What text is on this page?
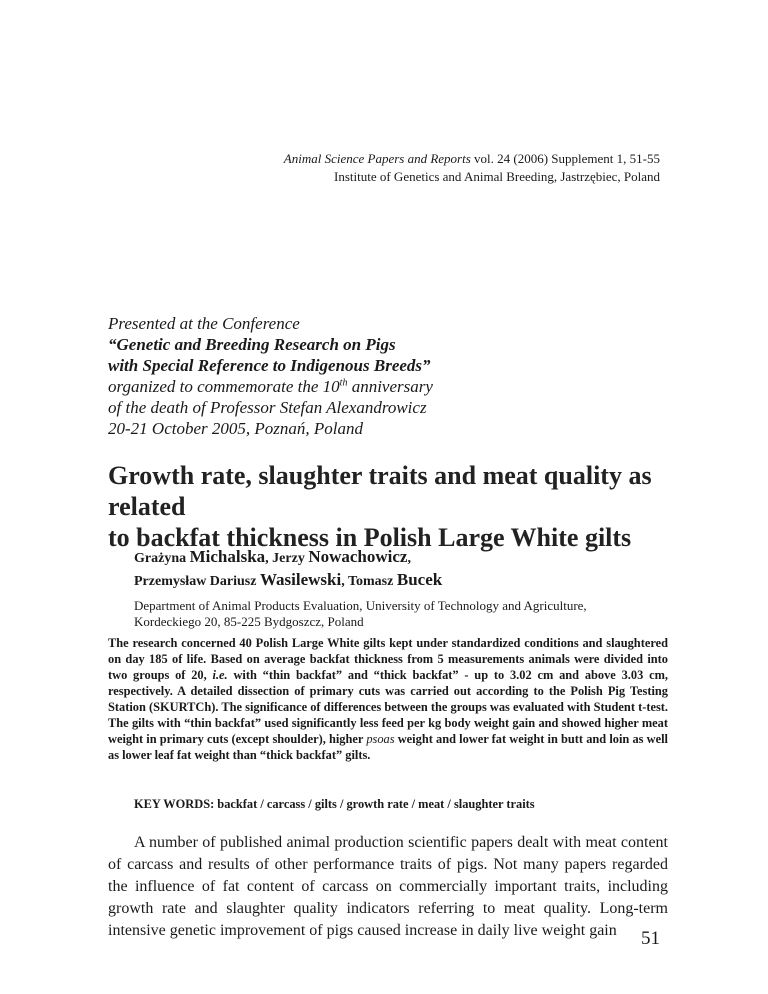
Animal Science Papers and Reports vol. 24 (2006) Supplement 1, 51-55
Institute of Genetics and Animal Breeding, Jastrzębiec, Poland
Presented at the Conference
“Genetic and Breeding Research on Pigs
with Special Reference to Indigenous Breeds”
organized to commemorate the 10th anniversary
of the death of Professor Stefan Alexandrowicz
20-21 October 2005, Poznań, Poland
Growth rate, slaughter traits and meat quality as related
to backfat thickness in Polish Large White gilts
Grażyna Michalska, Jerzy Nowachowicz,
Przemysław Dariusz Wasilewski, Tomasz Bucek
Department of Animal Products Evaluation, University of Technology and Agriculture,
Kordeckiego 20, 85-225 Bydgoszcz, Poland
The research concerned 40 Polish Large White gilts kept under standardized conditions and slaughtered on day 185 of life. Based on average backfat thickness from 5 measurements animals were divided into two groups of 20, i.e. with “thin backfat” and “thick backfat” - up to 3.02 cm and above 3.03 cm, respectively. A detailed dissection of primary cuts was carried out according to the Polish Pig Testing Station (SKURTCh). The significance of differences between the groups was evaluated with Student t-test. The gilts with “thin backfat” used significantly less feed per kg body weight gain and showed higher meat weight in primary cuts (except shoulder), higher psoas weight and lower fat weight in butt and loin as well as lower leaf fat weight than “thick backfat” gilts.
KEY WORDS: backfat / carcass / gilts / growth rate / meat / slaughter traits
A number of published animal production scientific papers dealt with meat content of carcass and results of other performance traits of pigs. Not many papers regarded the influence of fat content of carcass on commercially important traits, including growth rate and slaughter quality indicators referring to meat quality. Long-term intensive genetic improvement of pigs caused increase in daily live weight gain	51
